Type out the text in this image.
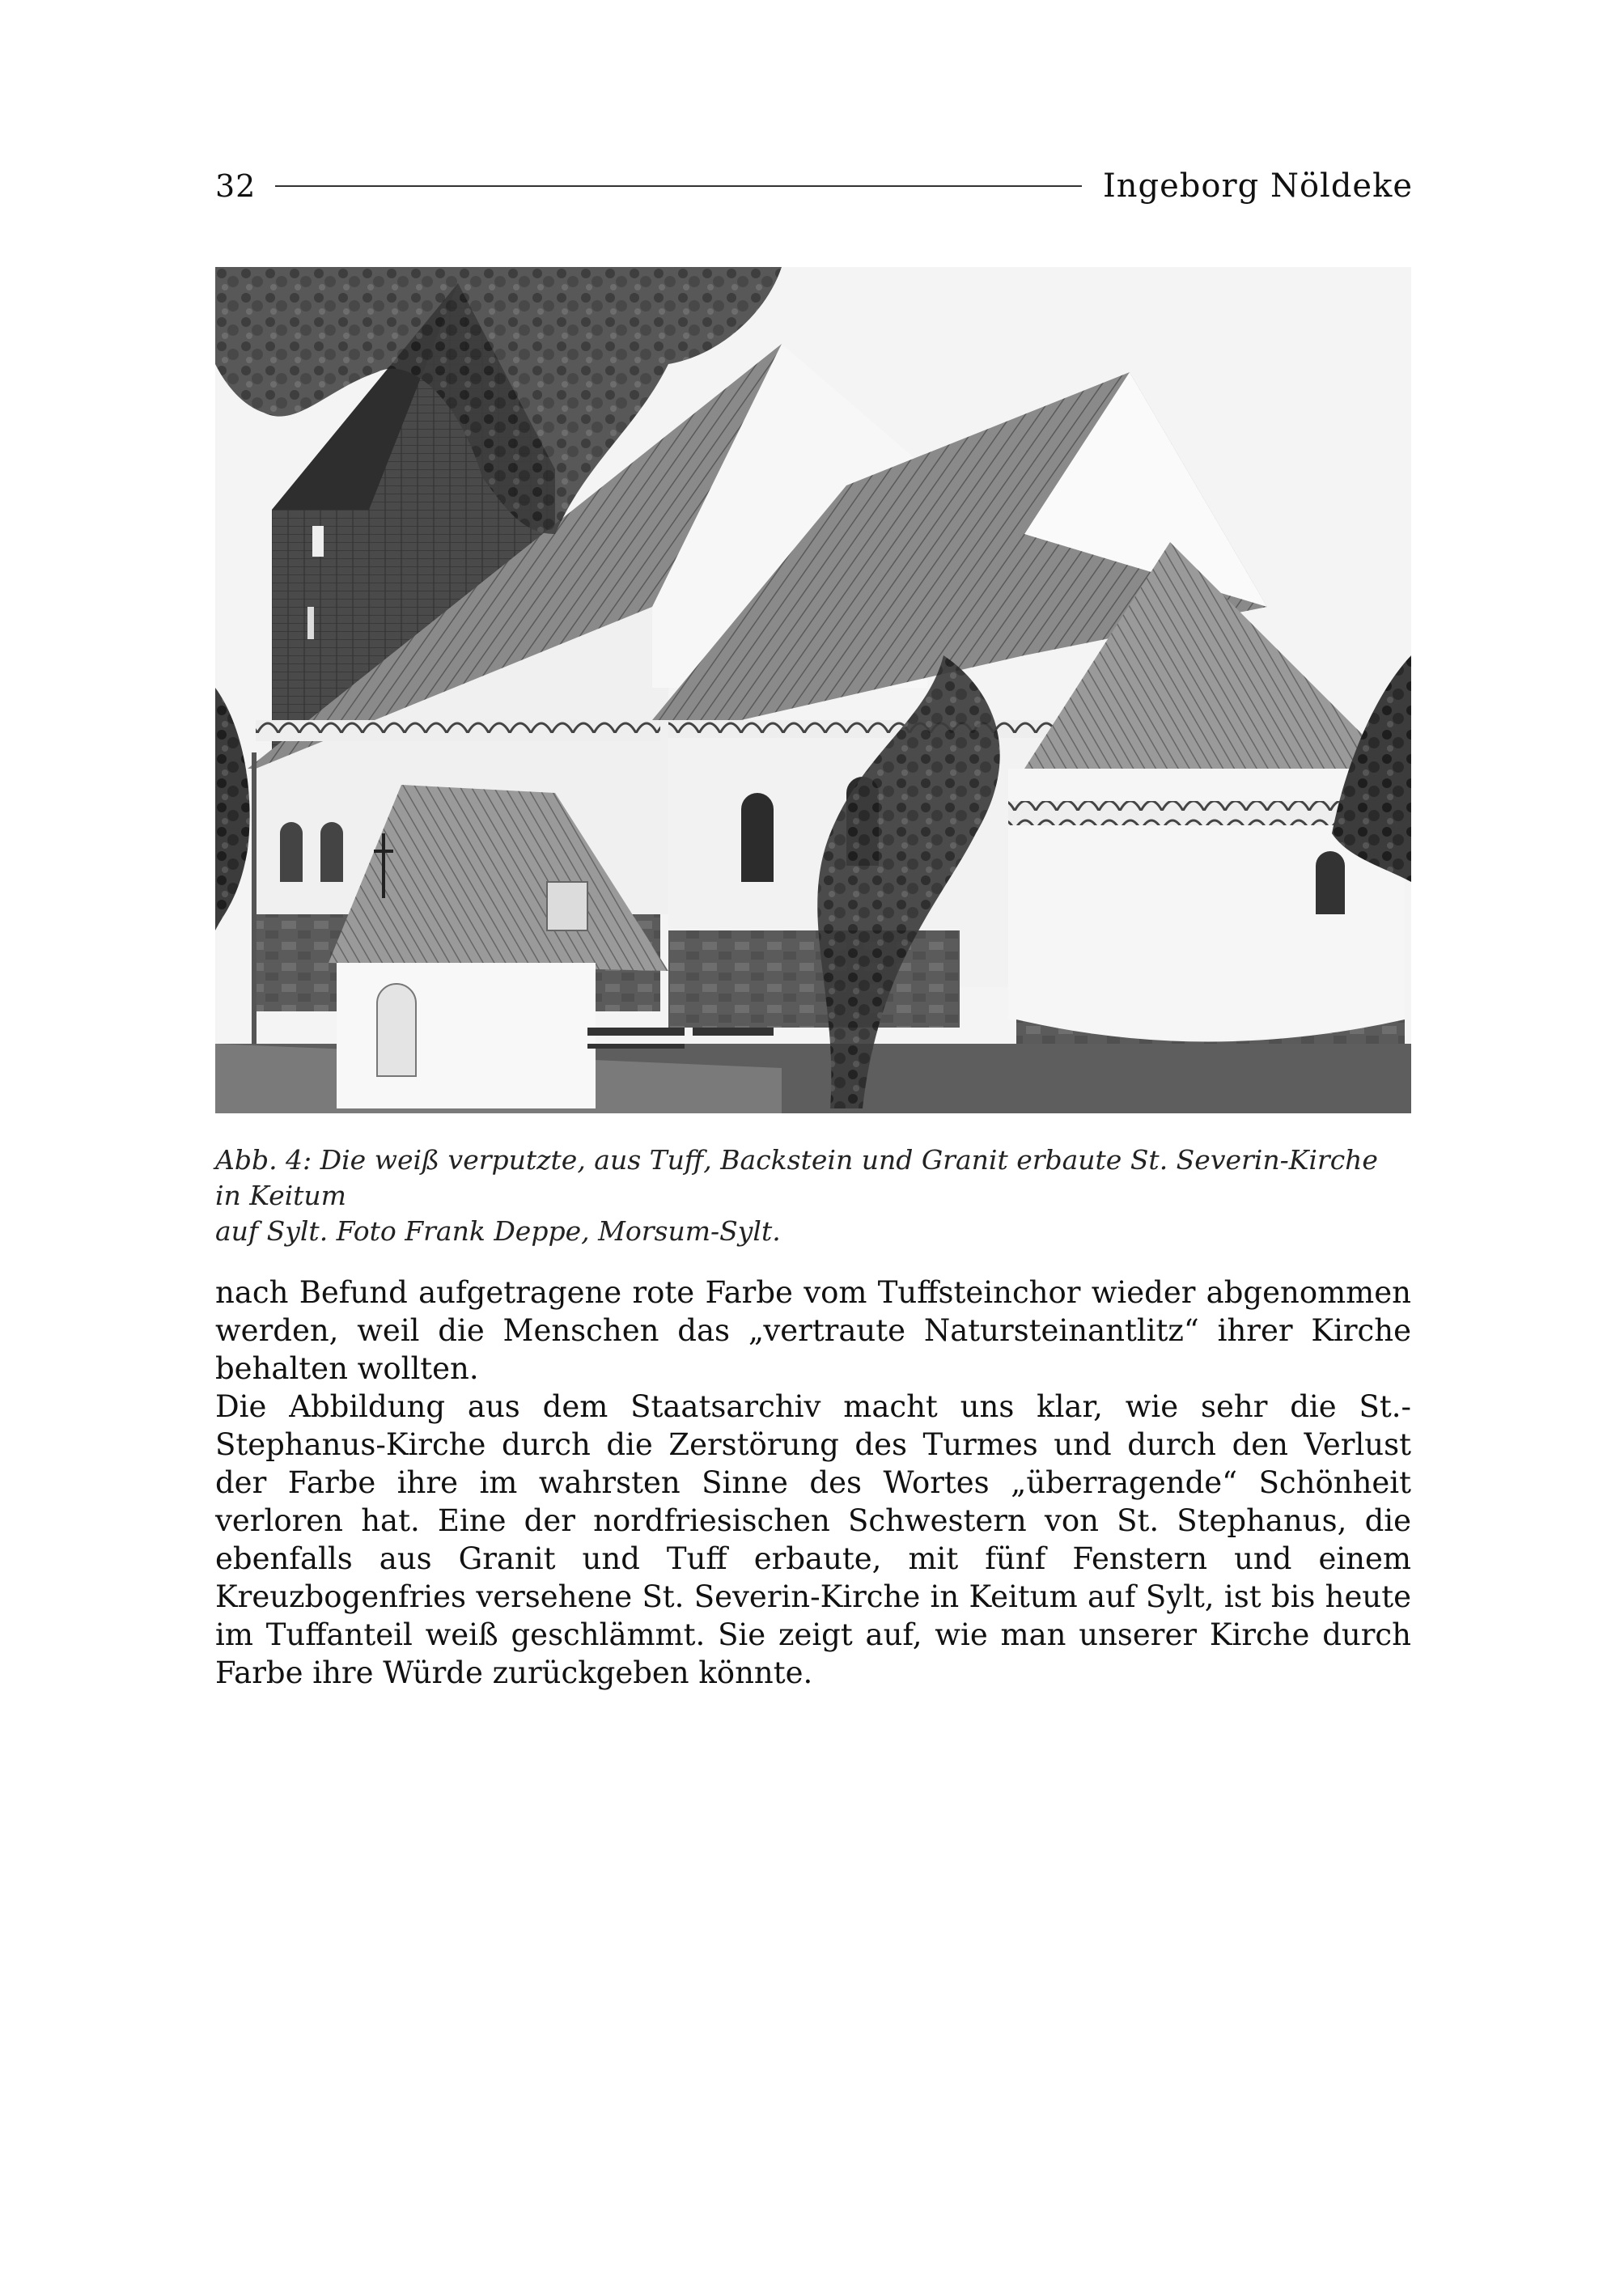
32	Ingeborg Nöldeke
Abb. 4: Die weiß verputzte, aus Tuff, Backstein und Granit erbaute St. Severin-Kirche in Keitum
auf Sylt. Foto Frank Deppe, Morsum-Sylt.

nach Befund aufgetragene rote Farbe vom Tuffsteinchor wieder abgenommen werden, weil die Menschen das „vertraute Natursteinantlitz“ ihrer Kirche behalten wollten.

Die Abbildung aus dem Staatsarchiv macht uns klar, wie sehr die St.-Stephanus-Kirche durch die Zerstörung des Turmes und durch den Verlust der Farbe ihre im wahrsten Sinne des Wortes „überragende“ Schönheit verloren hat. Eine der nordfriesischen Schwestern von St. Stephanus, die ebenfalls aus Granit und Tuff erbaute, mit fünf Fenstern und einem Kreuzbogenfries versehene St. Severin-Kirche in Keitum auf Sylt, ist bis heute im Tuffanteil weiß geschlämmt. Sie zeigt auf, wie man unserer Kirche durch Farbe ihre Würde zurückgeben könnte.
